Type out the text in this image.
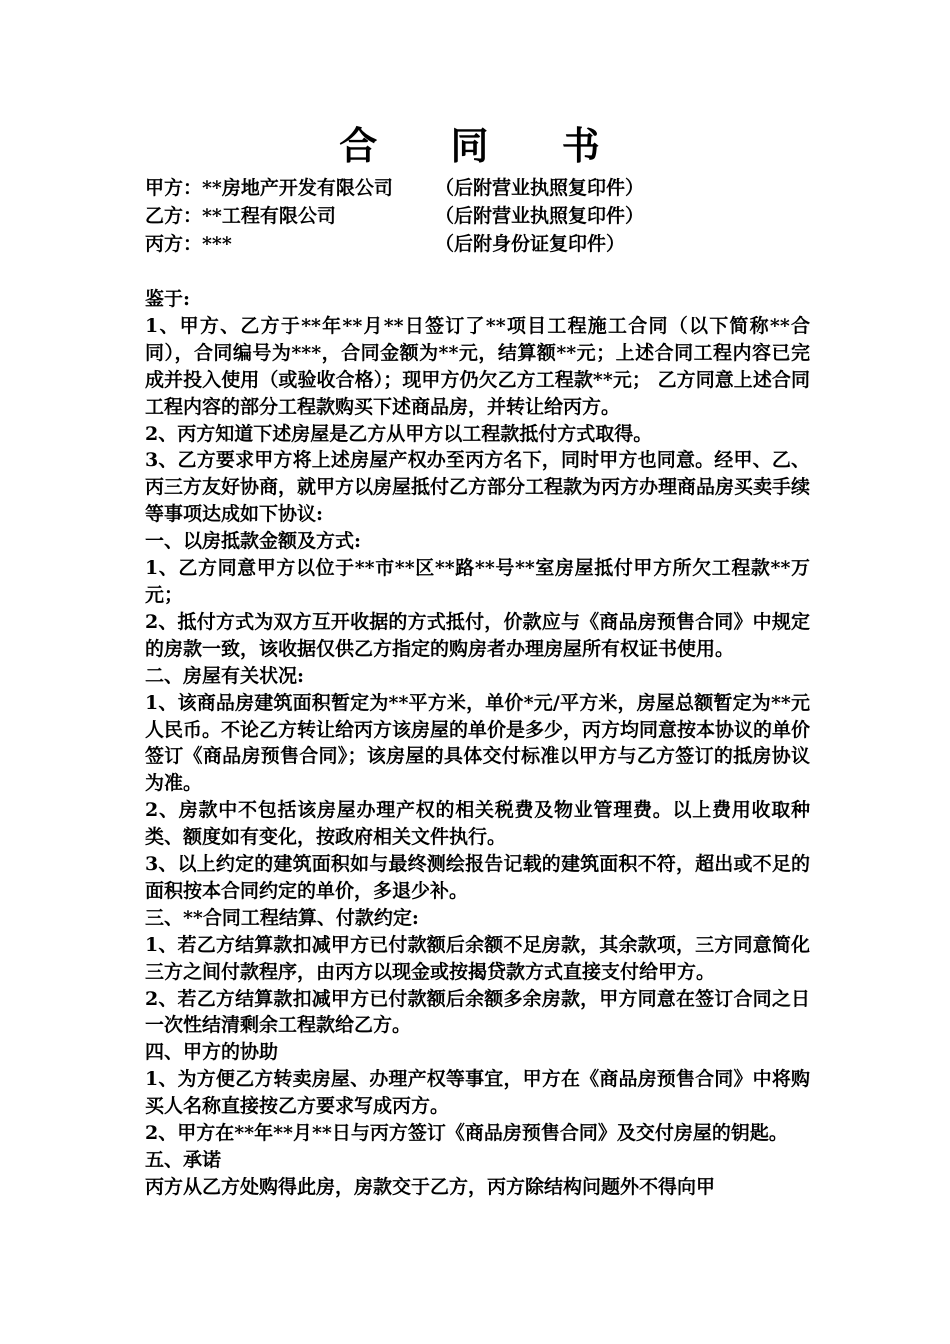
合 同 书
甲方：**房地产开发有限公司 （后附营业执照复印件）
乙方：**工程有限公司	（后附营业执照复印件）
丙方：***	（后附身份证复印件）

鉴于:

1、甲方、乙方于**年**月**日签订了**项目工程施工合同（以下简称**合同），合同编号为***，合同金额为**元，结算额**元；上述合同工程内容已完成并投入使用（或验收合格）；现甲方仍欠乙方工程款**元； 乙方同意上述合同工程内容的部分工程款购买下述商品房，并转让给丙方。

2、丙方知道下述房屋是乙方从甲方以工程款抵付方式取得。

3、乙方要求甲方将上述房屋产权办至丙方名下，同时甲方也同意。经甲、乙、丙三方友好协商，就甲方以房屋抵付乙方部分工程款为丙方办理商品房买卖手续等事项达成如下协议:

一、以房抵款金额及方式:

1、乙方同意甲方以位于**市**区**路**号**室房屋抵付甲方所欠工程款**万元；

2、抵付方式为双方互开收据的方式抵付，价款应与《商品房预售合同》中规定的房款一致，该收据仅供乙方指定的购房者办理房屋所有权证书使用。

二、房屋有关状况:

1、该商品房建筑面积暂定为**平方米，单价*元/平方米，房屋总额暂定为**元人民币。不论乙方转让给丙方该房屋的单价是多少，丙方均同意按本协议的单价签订《商品房预售合同》；该房屋的具体交付标准以甲方与乙方签订的抵房协议为准。

2、房款中不包括该房屋办理产权的相关税费及物业管理费。以上费用收取种类、额度如有变化，按政府相关文件执行。

3、以上约定的建筑面积如与最终测绘报告记载的建筑面积不符，超出或不足的面积按本合同约定的单价，多退少补。

三、**合同工程结算、付款约定:

1、若乙方结算款扣减甲方已付款额后余额不足房款，其余款项，三方同意简化三方之间付款程序，由丙方以现金或按揭贷款方式直接支付给甲方。

2、若乙方结算款扣减甲方已付款额后余额多余房款，甲方同意在签订合同之日一次性结清剩余工程款给乙方。

四、甲方的协助

1、为方便乙方转卖房屋、办理产权等事宜，甲方在《商品房预售合同》中将购买人名称直接按乙方要求写成丙方。

2、甲方在**年**月**日与丙方签订《商品房预售合同》及交付房屋的钥匙。

五、承诺

丙方从乙方处购得此房，房款交于乙方，丙方除结构问题外不得向甲
